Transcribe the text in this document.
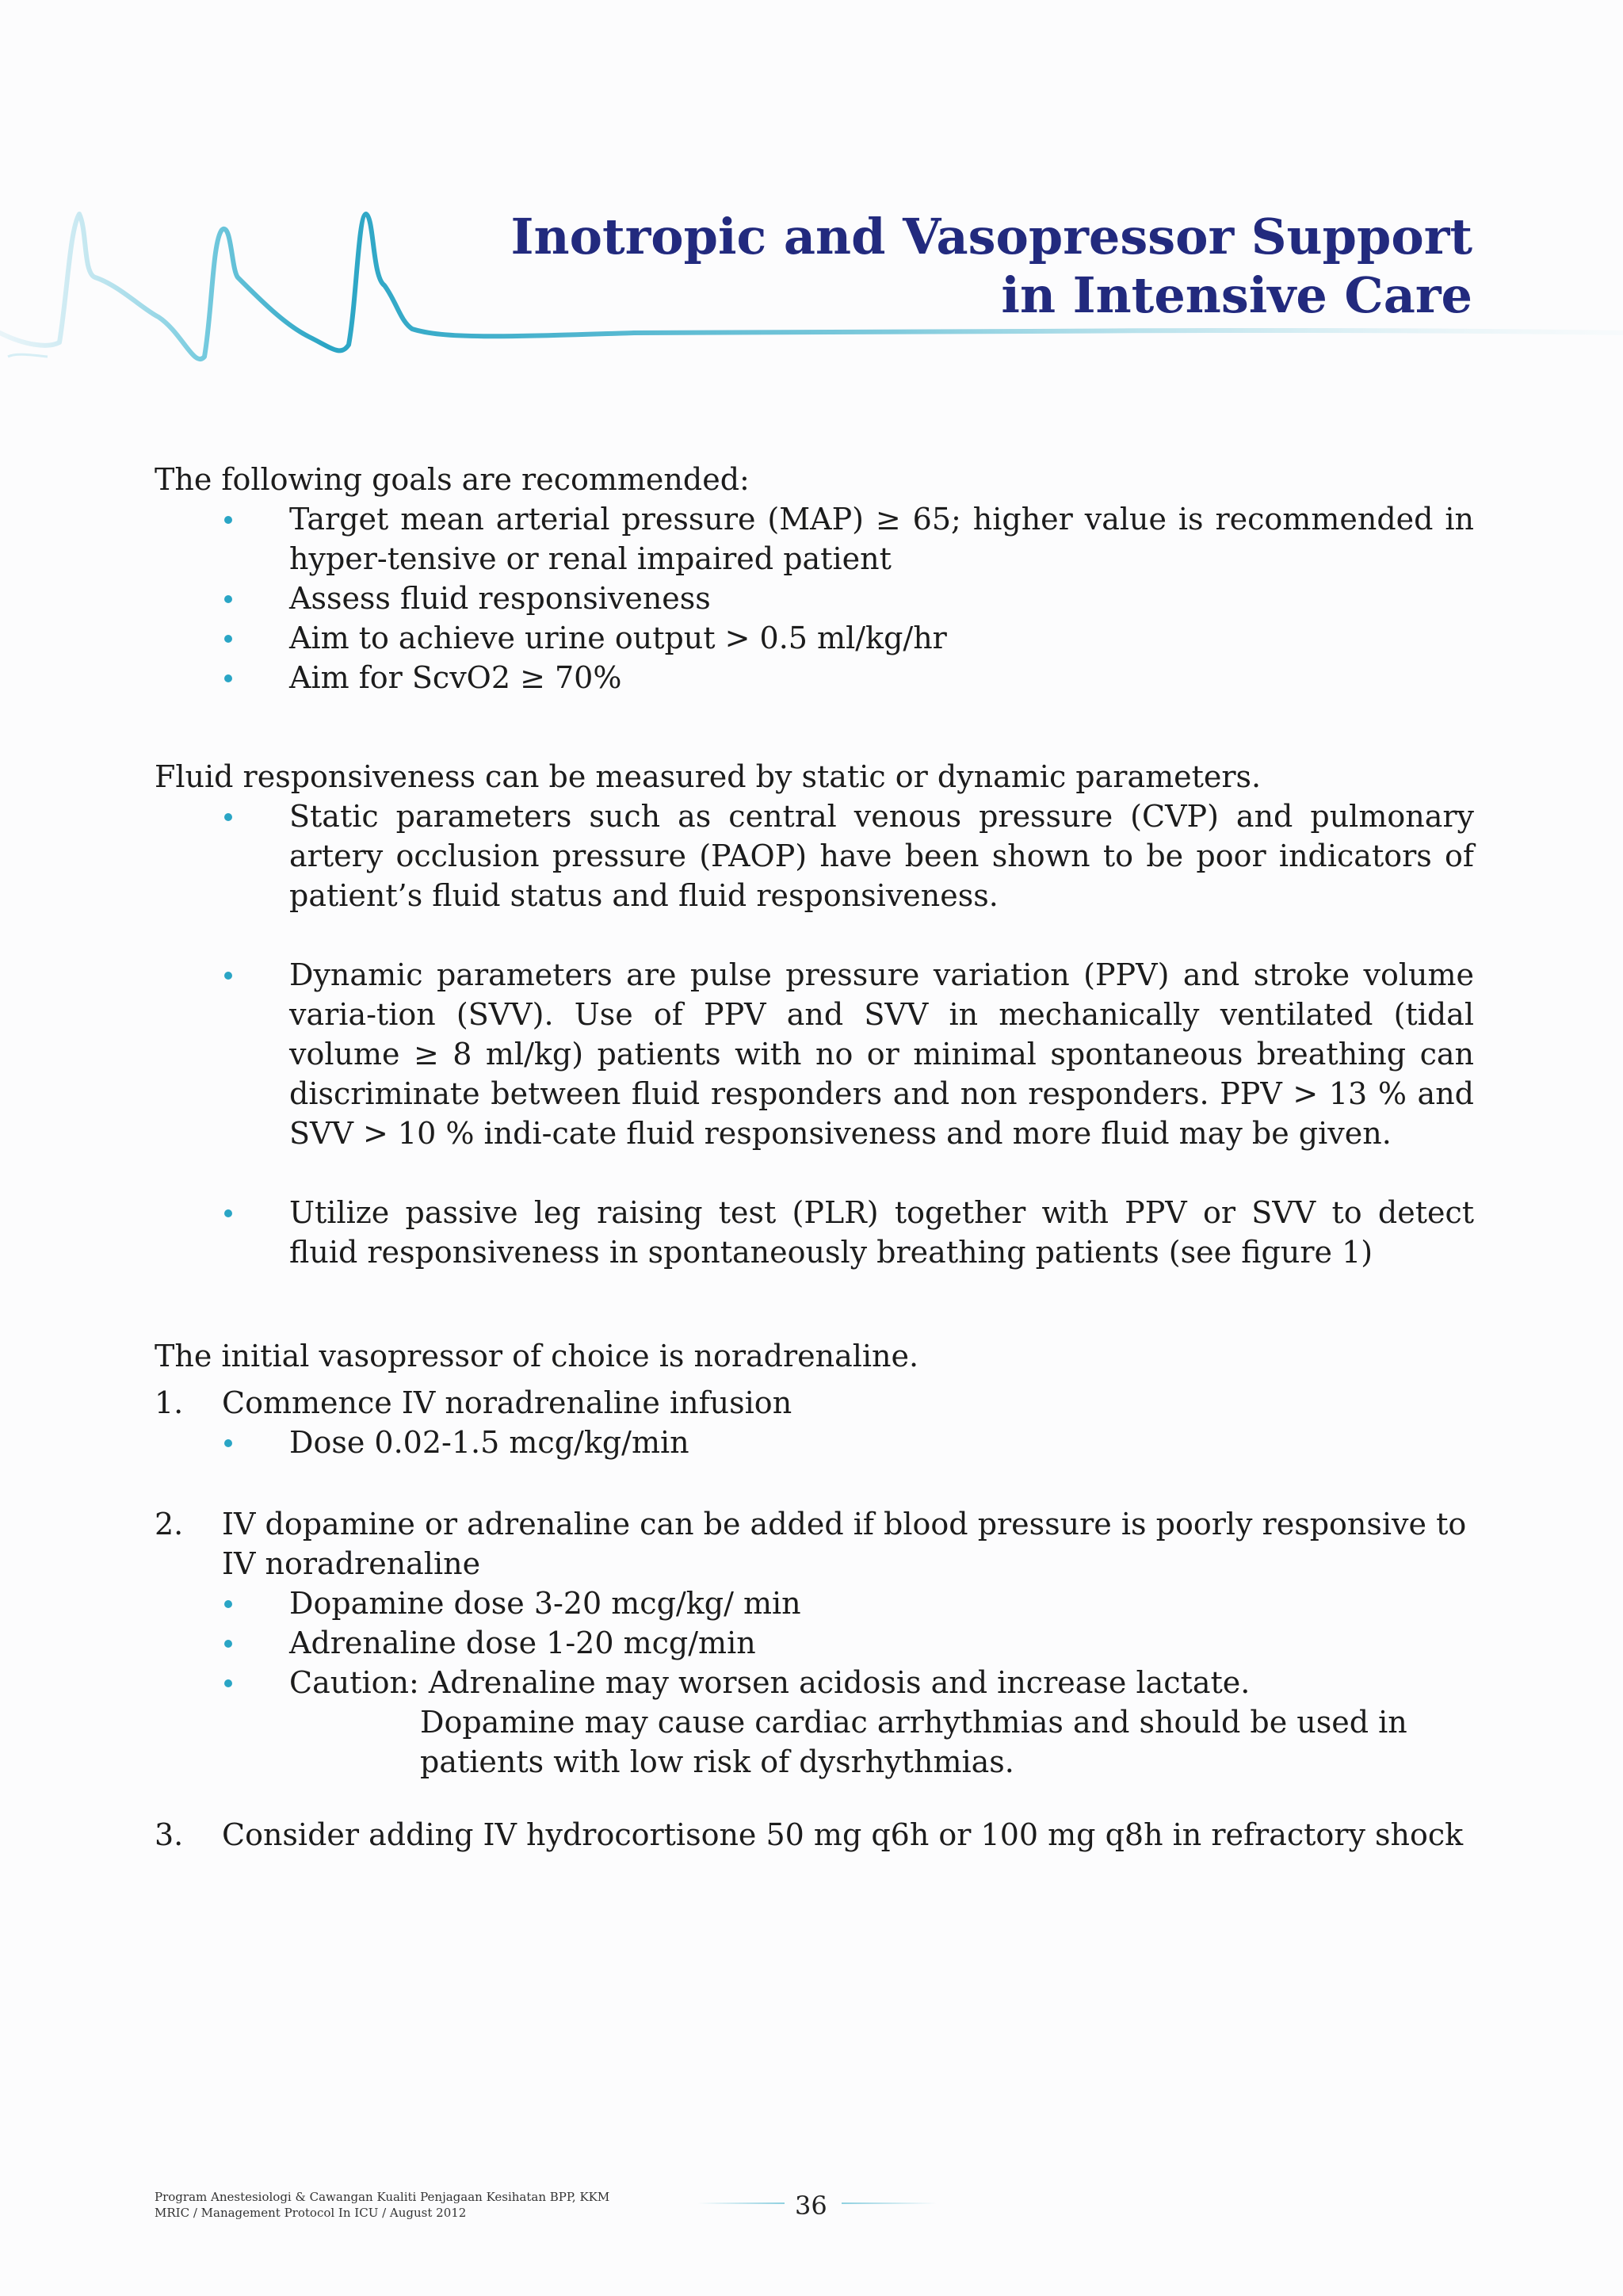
Inotropic and Vasopressor Support
in Intensive Care
The following goals are recommended:
Target mean arterial pressure (MAP) ≥ 65; higher value is recommended in hyper-tensive or renal impaired patient
Assess fluid responsiveness
Aim to achieve urine output > 0.5 ml/kg/hr
Aim for ScvO2 ≥ 70%
Fluid responsiveness can be measured by static or dynamic parameters.
Static parameters such as central venous pressure (CVP) and pulmonary artery occlusion pressure (PAOP) have been shown to be poor indicators of patient’s fluid status and fluid responsiveness.
Dynamic parameters are pulse pressure variation (PPV) and stroke volume varia-tion (SVV). Use of PPV and SVV in mechanically ventilated (tidal volume ≥ 8 ml/kg) patients with no or minimal spontaneous breathing can discriminate between fluid responders and non responders. PPV > 13 % and SVV > 10 % indi-cate fluid responsiveness and more fluid may be given.
Utilize passive leg raising test (PLR) together with PPV or SVV to detect fluid responsiveness in spontaneously breathing patients (see figure 1)
The initial vasopressor of choice is noradrenaline.
1.	Commence IV noradrenaline infusion
Dose 0.02-1.5 mcg/kg/min
2.	IV dopamine or adrenaline can be added if blood pressure is poorly responsive to IV noradrenaline
Dopamine dose 3-20 mcg/kg/ min
Adrenaline dose 1-20 mcg/min
Caution: Adrenaline may worsen acidosis and increase lactate.
Dopamine may cause cardiac arrhythmias and should be used in patients with low risk of dysrhythmias.
3.	Consider adding IV hydrocortisone 50 mg q6h or 100 mg q8h in refractory shock
Program Anestesiologi & Cawangan Kualiti Penjagaan Kesihatan BPP, KKM
MRIC / Management Protocol In ICU / August 2012	36
